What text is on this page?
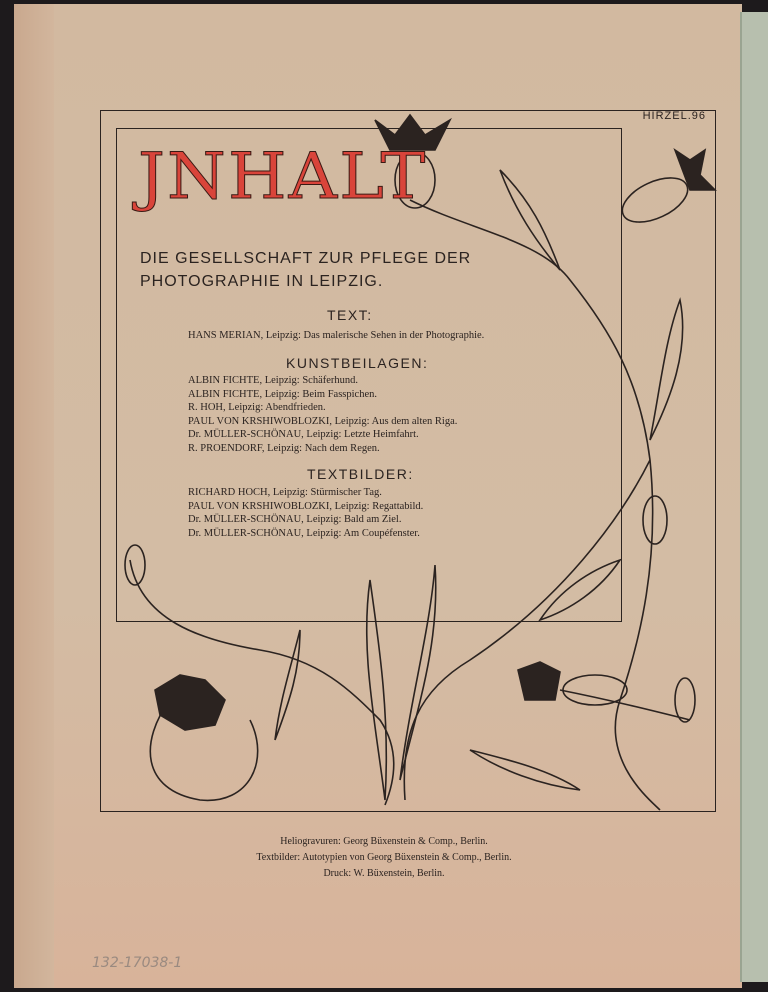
JNHALT
HIRZEL.96
DIE GESELLSCHAFT ZUR PFLEGE DER
PHOTOGRAPHIE IN LEIPZIG.
TEXT:
HANS MERIAN, Leipzig: Das malerische Sehen in der Photographie.
KUNSTBEILAGEN:
ALBIN FICHTE, Leipzig: Schäferhund.
ALBIN FICHTE, Leipzig: Beim Fasspichen.
R. HOH, Leipzig: Abendfrieden.
PAUL VON KRSHIWOBLOZKI, Leipzig: Aus dem alten Riga.
Dr. MÜLLER-SCHÖNAU, Leipzig: Letzte Heimfahrt.
R. PROENDORF, Leipzig: Nach dem Regen.
TEXTBILDER:
RICHARD HOCH, Leipzig: Stürmischer Tag.
PAUL VON KRSHIWOBLOZKI, Leipzig: Regattabild.
Dr. MÜLLER-SCHÖNAU, Leipzig: Bald am Ziel.
Dr. MÜLLER-SCHÖNAU, Leipzig: Am Coupéfenster.
Heliogravuren: Georg Büxenstein & Comp., Berlin.
Textbilder: Autotypien von Georg Büxenstein & Comp., Berlin.
Druck: W. Büxenstein, Berlin.
132-17038-1
